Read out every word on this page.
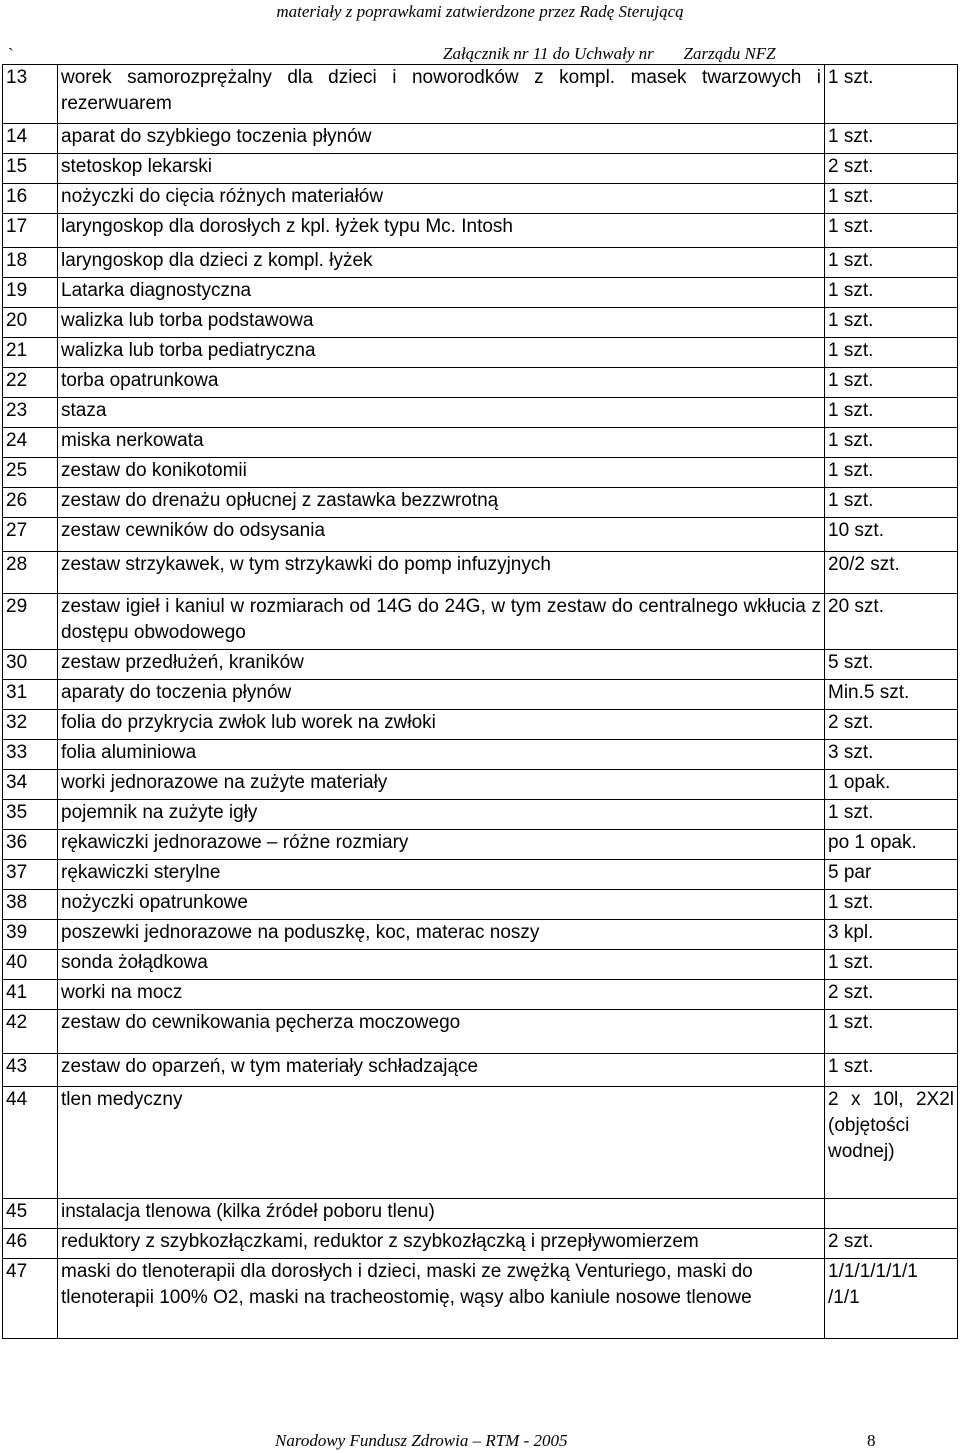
materiały z poprawkami zatwierdzone przez Radę Sterującą
`	Załącznik nr 11 do Uchwały nr       Zarządu NFZ
13	worek samorozprężalny dla dzieci i noworodków z kompl. masek twarzowych i rezerwuarem	1 szt.
14	aparat do szybkiego toczenia płynów	1 szt.
15	stetoskop lekarski	2 szt.
16	nożyczki do cięcia różnych materiałów	1 szt.
17	laryngoskop dla dorosłych z kpl. łyżek typu Mc. Intosh	1 szt.
18	laryngoskop dla dzieci z kompl. łyżek	1 szt.
19	Latarka diagnostyczna	1 szt.
20	walizka lub torba podstawowa	1 szt.
21	walizka lub torba pediatryczna	1 szt.
22	torba opatrunkowa	1 szt.
23	staza	1 szt.
24	miska nerkowata	1 szt.
25	zestaw do konikotomii	1 szt.
26	zestaw do drenażu opłucnej z zastawka bezzwrotną	1 szt.
27	zestaw cewników do odsysania	10 szt.
28	zestaw strzykawek, w tym strzykawki do pomp infuzyjnych	20/2 szt.
29	zestaw igieł i kaniul w rozmiarach od 14G do 24G, w tym zestaw do centralnego wkłucia z dostępu obwodowego	20 szt.
30	zestaw przedłużeń, kraników	5 szt.
31	aparaty do toczenia płynów	Min.5 szt.
32	folia do przykrycia zwłok lub worek na zwłoki	2 szt.
33	folia aluminiowa	3 szt.
34	worki jednorazowe na zużyte materiały	1 opak.
35	pojemnik na zużyte igły	1 szt.
36	rękawiczki jednorazowe – różne rozmiary	po 1 opak.
37	rękawiczki sterylne	5 par
38	nożyczki opatrunkowe	1 szt.
39	poszewki jednorazowe na poduszkę, koc, materac noszy	3 kpl.
40	sonda żołądkowa	1 szt.
41	worki na mocz	2 szt.
42	zestaw do cewnikowania pęcherza moczowego	1 szt.
43	zestaw do oparzeń, w tym materiały schładzające	1 szt.
44	tlen medyczny	2 x 10l, 2X2l (objętości wodnej)
45	instalacja tlenowa (kilka źródeł poboru tlenu)	
46	reduktory z szybkozłączkami, reduktor z szybkozłączką i przepływomierzem	2 szt.
47	maski do tlenoterapii dla dorosłych i dzieci, maski ze zwężką Venturiego, maski do tlenoterapii 100% O2, maski na tracheostomię, wąsy albo kaniule nosowe tlenowe	1/1/1/1/1/1 /1/1
Narodowy Fundusz Zdrowia – RTM - 2005	8
